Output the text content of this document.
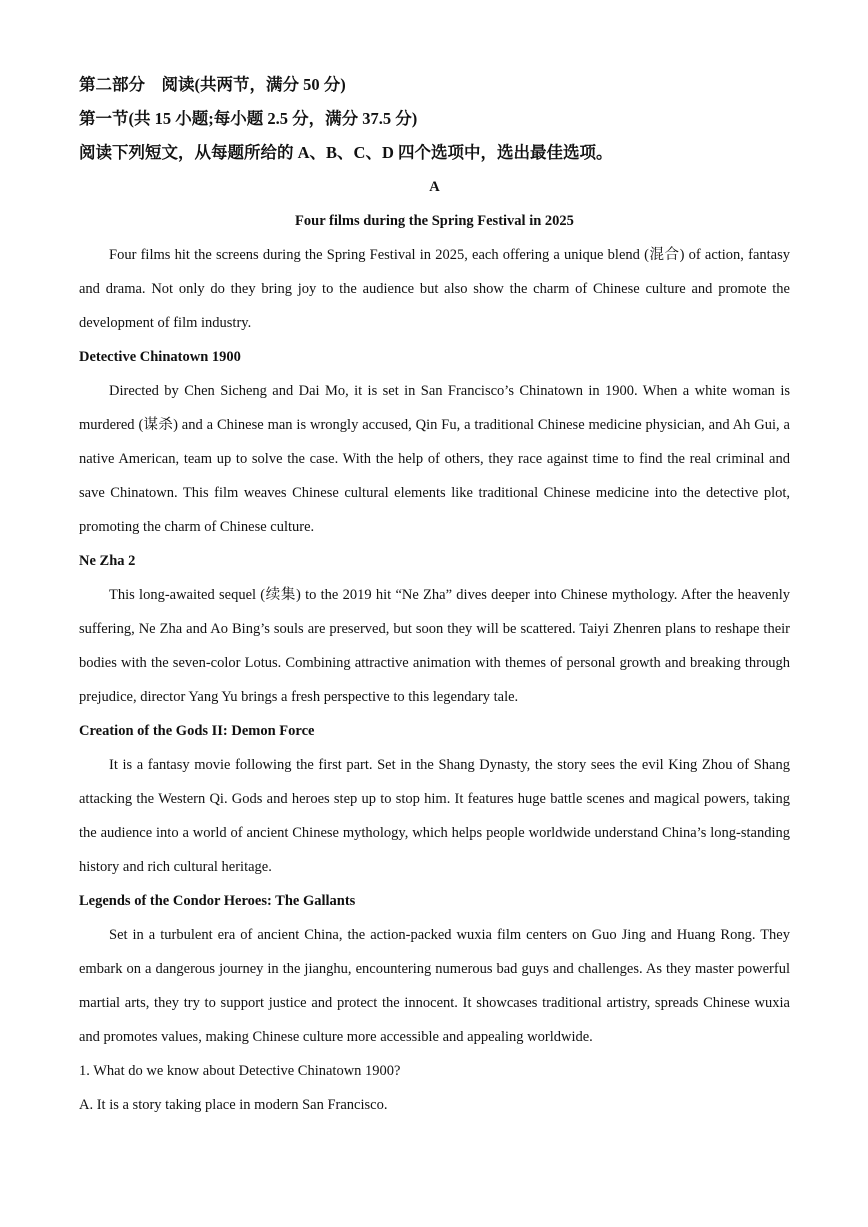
第二部分　阅读(共两节，满分 50 分)
第一节(共 15 小题;每小题 2.5 分，满分 37.5 分)
阅读下列短文，从每题所给的 A、B、C、D 四个选项中，选出最佳选项。
A
Four films during the Spring Festival in 2025

Four films hit the screens during the Spring Festival in 2025, each offering a unique blend (混合) of action, fantasy and drama. Not only do they bring joy to the audience but also show the charm of Chinese culture and promote the development of film industry.

Detective Chinatown 1900

Directed by Chen Sicheng and Dai Mo, it is set in San Francisco’s Chinatown in 1900. When a white woman is murdered (谋杀) and a Chinese man is wrongly accused, Qin Fu, a traditional Chinese medicine physician, and Ah Gui, a native American, team up to solve the case. With the help of others, they race against time to find the real criminal and save Chinatown. This film weaves Chinese cultural elements like traditional Chinese medicine into the detective plot, promoting the charm of Chinese culture.

Ne Zha 2

This long-awaited sequel (续集) to the 2019 hit “Ne Zha” dives deeper into Chinese mythology. After the heavenly suffering, Ne Zha and Ao Bing’s souls are preserved, but soon they will be scattered. Taiyi Zhenren plans to reshape their bodies with the seven-color Lotus. Combining attractive animation with themes of personal growth and breaking through prejudice, director Yang Yu brings a fresh perspective to this legendary tale.

Creation of the Gods II: Demon Force

It is a fantasy movie following the first part. Set in the Shang Dynasty, the story sees the evil King Zhou of Shang attacking the Western Qi. Gods and heroes step up to stop him. It features huge battle scenes and magical powers, taking the audience into a world of ancient Chinese mythology, which helps people worldwide understand China’s long-standing history and rich cultural heritage.

Legends of the Condor Heroes: The Gallants

Set in a turbulent era of ancient China, the action-packed wuxia film centers on Guo Jing and Huang Rong. They embark on a dangerous journey in the jianghu, encountering numerous bad guys and challenges. As they master powerful martial arts, they try to support justice and protect the innocent. It showcases traditional artistry, spreads Chinese wuxia and promotes values, making Chinese culture more accessible and appealing worldwide.

1. What do we know about Detective Chinatown 1900?
A. It is a story taking place in modern San Francisco.
